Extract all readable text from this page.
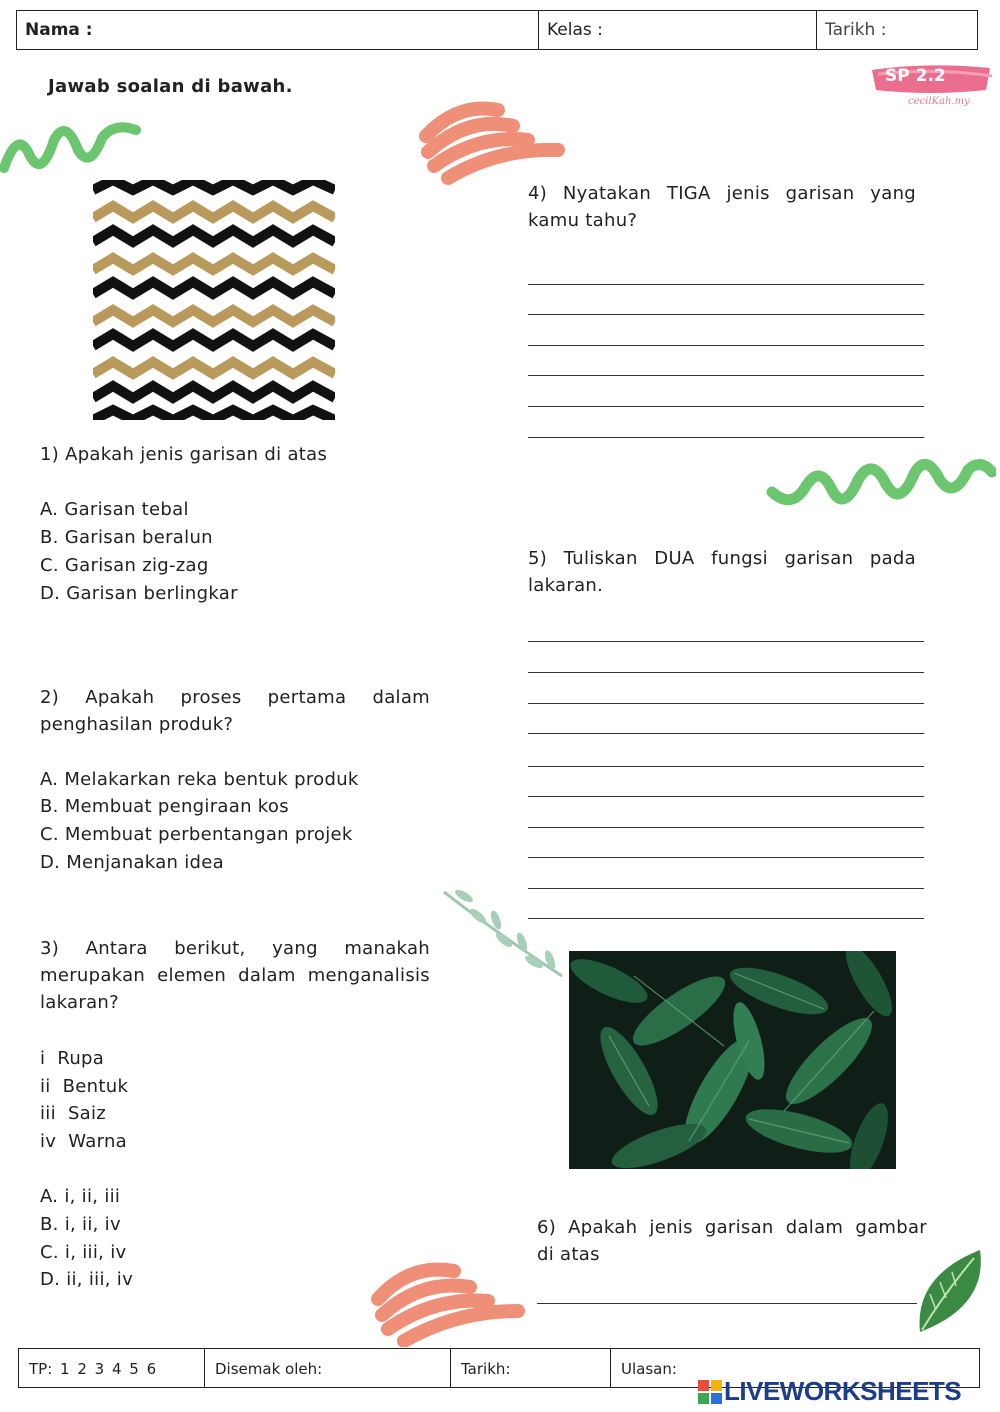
Nama :	Kelas :	Tarikh :
Jawab soalan di bawah.	SP 2.2
cecilKah.my
1) Apakah jenis garisan di atas
A. Garisan tebal
B. Garisan beralun
C. Garisan zig-zag
D. Garisan berlingkar
2) Apakah proses pertama dalam
penghasilan produk?
A. Melakarkan reka bentuk produk
B. Membuat pengiraan kos
C. Membuat perbentangan projek
D. Menjanakan idea
3) Antara berikut, yang manakah
merupakan elemen dalam menganalisis
lakaran?
i  Rupa
ii  Bentuk
iii  Saiz
iv  Warna
A. i, ii, iii
B. i, ii, iv
C. i, iii, iv
D. ii, iii, iv
4) Nyatakan TIGA jenis garisan yang
kamu tahu?
5) Tuliskan DUA fungsi garisan pada
lakaran.
6) Apakah jenis garisan dalam gambar
di atas
TP: 1 2 3 4 5 6	Disemak oleh:	Tarikh:	Ulasan:
LIVEWORKSHEETS
